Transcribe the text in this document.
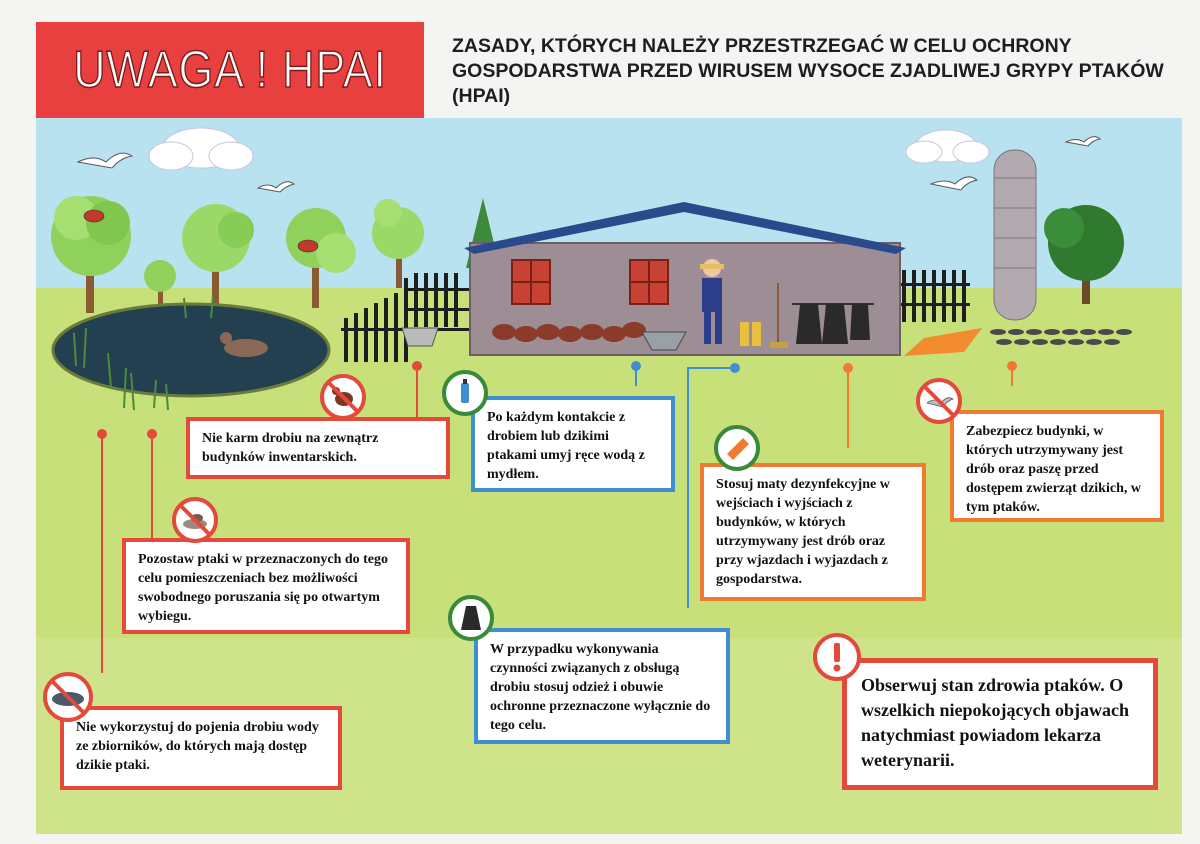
UWAGA ! HPAI	ZASADY, KTÓRYCH NALEŻY PRZESTRZEGAĆ W CELU OCHRONY GOSPODARSTWA PRZED WIRUSEM WYSOCE ZJADLIWEJ GRYPY PTAKÓW (HPAI)
Nie karm drobiu na zewnątrz budynków inwentarskich.
Po każdym kontakcie z drobiem lub dzikimi ptakami umyj ręce wodą z mydłem.
Pozostaw ptaki w przeznaczonych do tego celu pomieszczeniach bez możliwości swobodnego poruszania się po otwartym wybiegu.
Stosuj maty dezynfekcyjne w wejściach i wyjściach z budynków, w których utrzymywany jest drób oraz przy wjazdach i wyjazdach z gospodarstwa.
Zabezpiecz budynki, w których utrzymywany jest drób oraz paszę przed dostępem zwierząt dzikich, w tym ptaków.
W przypadku wykonywania czynności związanych z obsługą drobiu stosuj odzież i obuwie ochronne przeznaczone wyłącznie do tego celu.
Nie wykorzystuj do pojenia drobiu wody ze zbiorników, do których mają dostęp dzikie ptaki.
Obserwuj stan zdrowia ptaków. O wszelkich niepokojących objawach natychmiast powiadom lekarza weterynarii.
